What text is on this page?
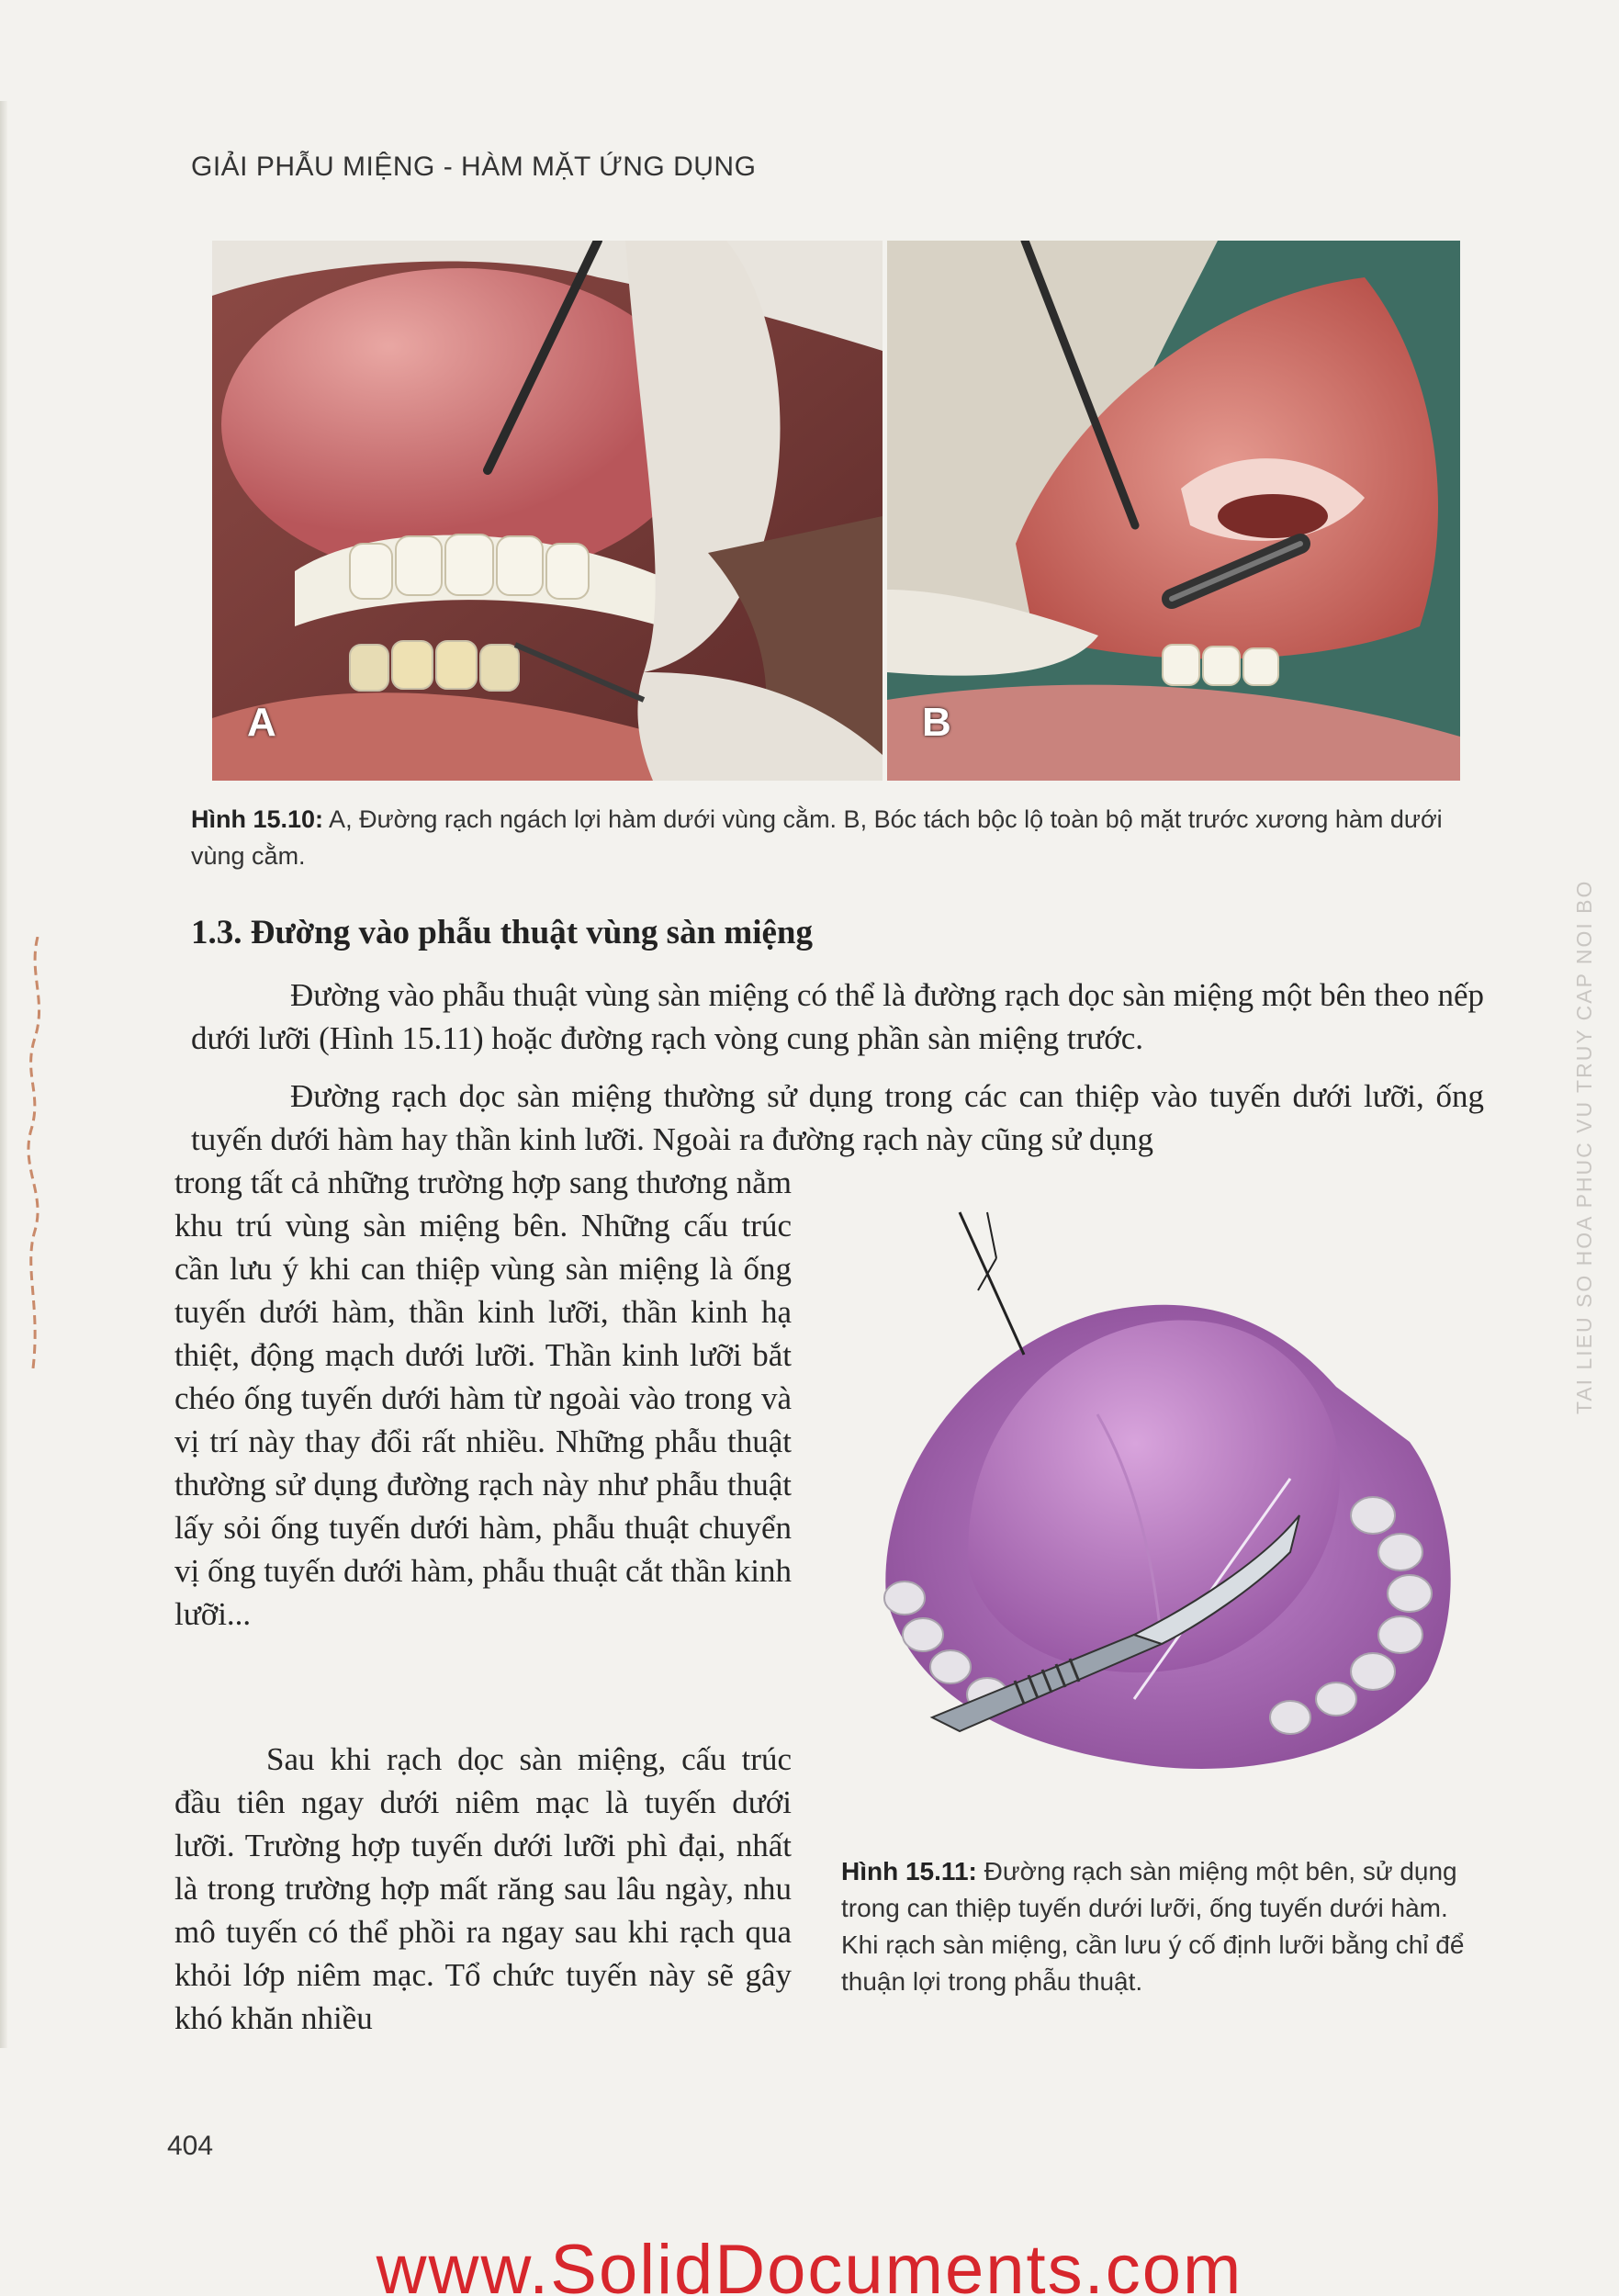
GIẢI PHẪU MIỆNG - HÀM MẶT ỨNG DỤNG
A	B
Hình 15.10: A, Đường rạch ngách lợi hàm dưới vùng cằm. B, Bóc tách bộc lộ toàn bộ mặt trước xương hàm dưới vùng cằm.
1.3. Đường vào phẫu thuật vùng sàn miệng
Đường vào phẫu thuật vùng sàn miệng có thể là đường rạch dọc sàn miệng một bên theo nếp dưới lưỡi (Hình 15.11) hoặc đường rạch vòng cung phần sàn miệng trước.
Đường rạch dọc sàn miệng thường sử dụng trong các can thiệp vào tuyến dưới lưỡi, ống tuyến dưới hàm hay thần kinh lưỡi. Ngoài ra đường rạch này cũng sử dụng
trong tất cả những trường hợp sang thương nằm khu trú vùng sàn miệng bên. Những cấu trúc cần lưu ý khi can thiệp vùng sàn miệng là ống tuyến dưới hàm, thần kinh lưỡi, thần kinh hạ thiệt, động mạch dưới lưỡi. Thần kinh lưỡi bắt chéo ống tuyến dưới hàm từ ngoài vào trong và vị trí này thay đổi rất nhiều. Những phẫu thuật thường sử dụng đường rạch này như phẫu thuật lấy sỏi ống tuyến dưới hàm, phẫu thuật chuyển vị ống tuyến dưới hàm, phẫu thuật cắt thần kinh lưỡi...
Sau khi rạch dọc sàn miệng, cấu trúc đầu tiên ngay dưới niêm mạc là tuyến dưới lưỡi. Trường hợp tuyến dưới lưỡi phì đại, nhất là trong trường hợp mất răng sau lâu ngày, nhu mô tuyến có thể phồi ra ngay sau khi rạch qua khỏi lớp niêm mạc. Tổ chức tuyến này sẽ gây khó khăn nhiều
Hình 15.11: Đường rạch sàn miệng một bên, sử dụng trong can thiệp tuyến dưới lưỡi, ống tuyến dưới hàm. Khi rạch sàn miệng, cần lưu ý cố định lưỡi bằng chỉ để thuận lợi trong phẫu thuật.
TAI LIEU SO HOA PHUC VU TRUY CAP NOI BO
404
www.SolidDocuments.com
